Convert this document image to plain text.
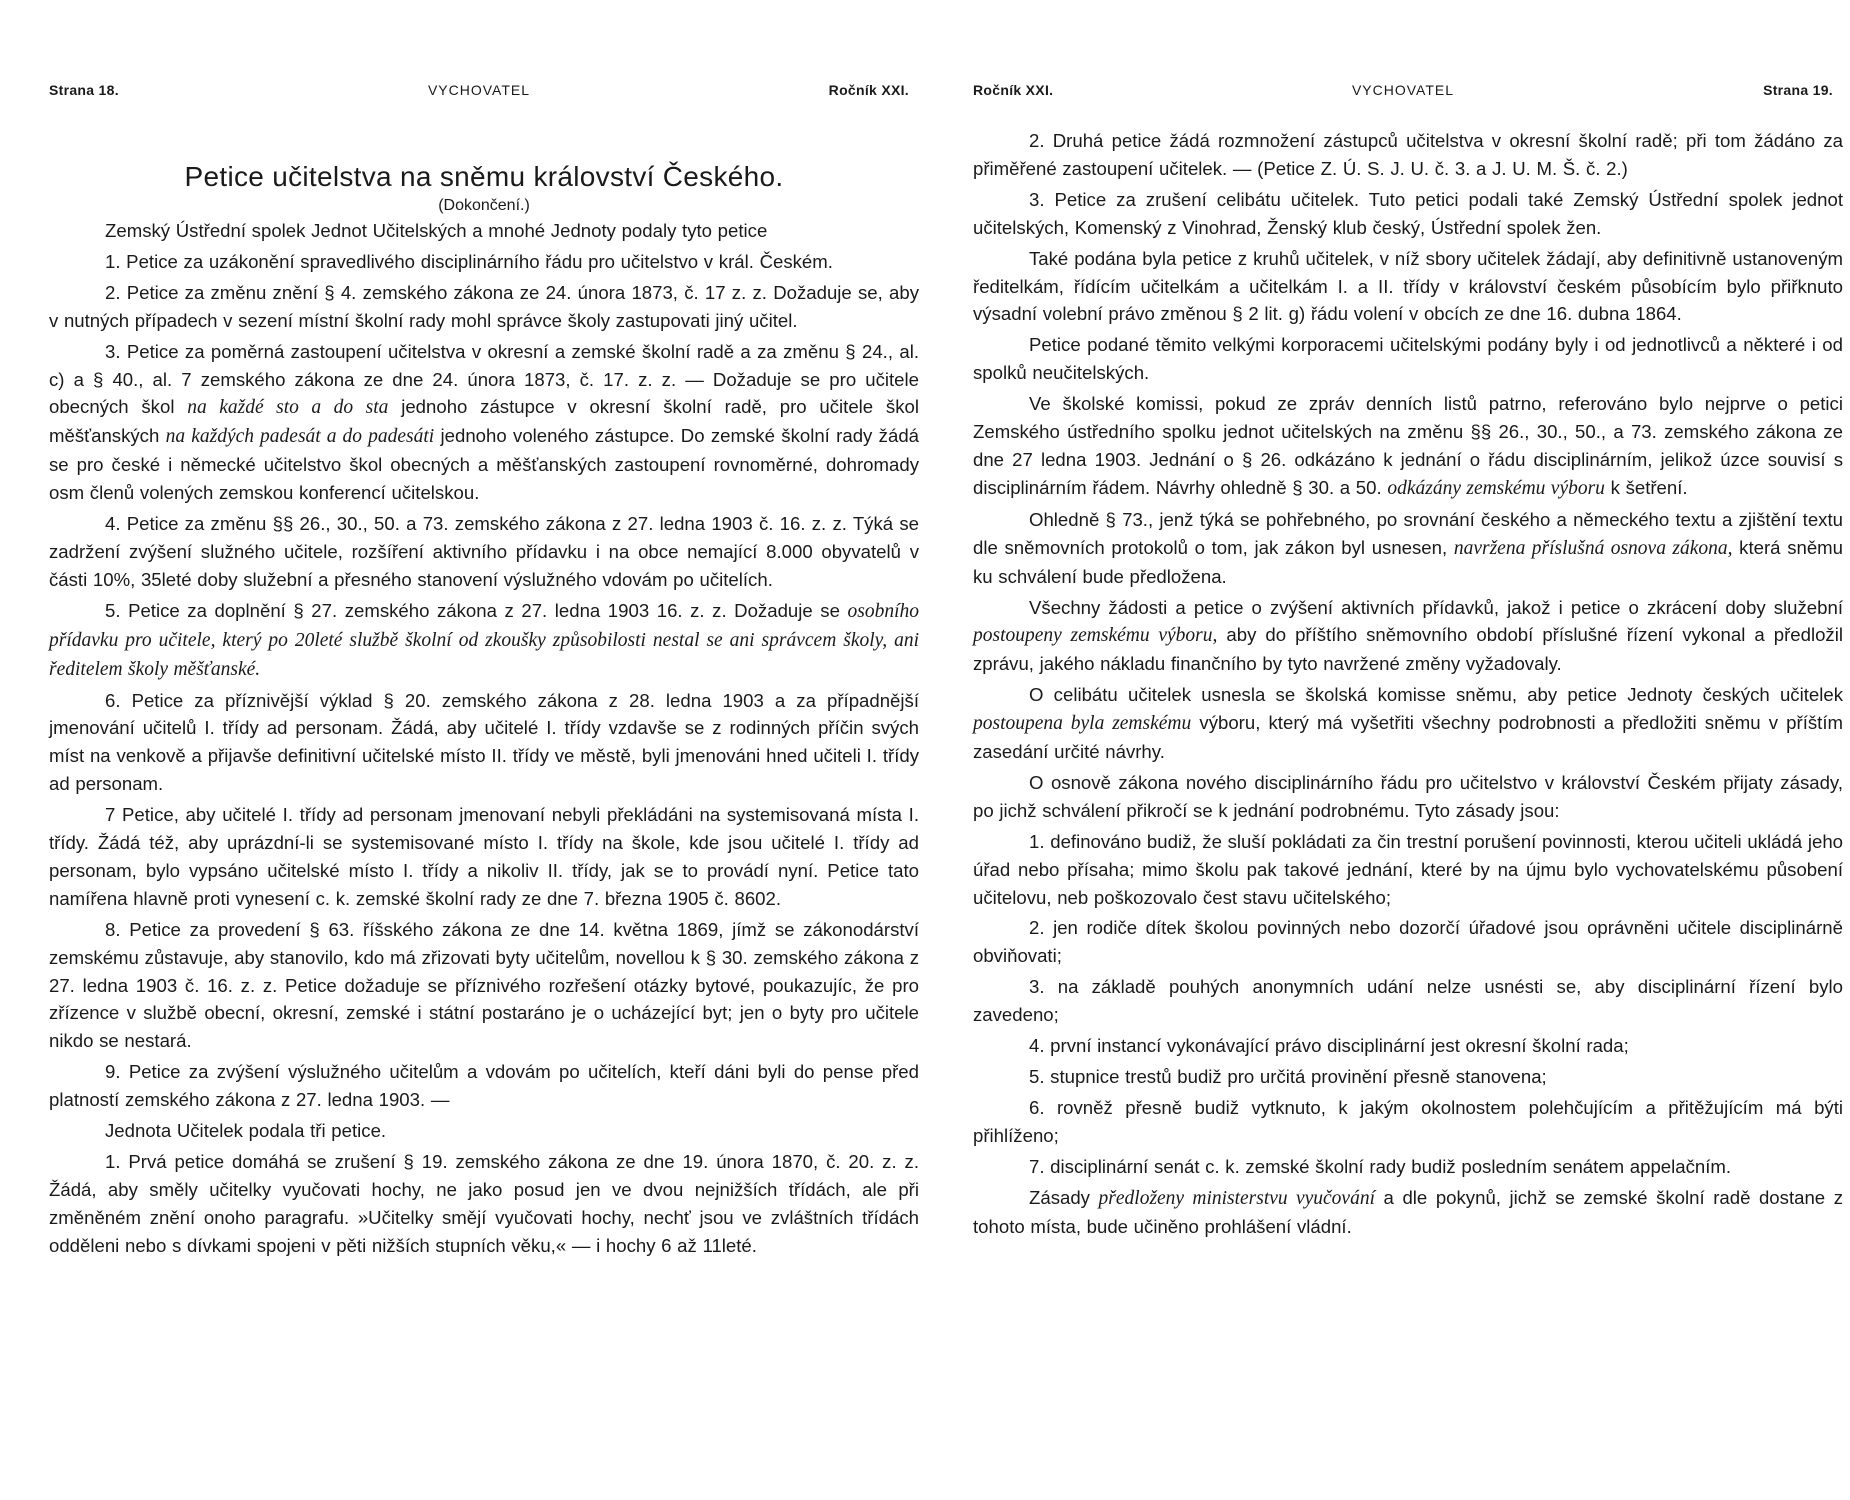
Strana 18.	VYCHOVATEL	Ročník XXI.
Petice učitelstva na sněmu království Českého.
(Dokončení.)

Zemský Ústřední spolek Jednot Učitelských a mnohé Jednoty podaly tyto petice

1. Petice za uzákonění spravedlivého disciplinárního řádu pro učitelstvo v král. Českém.

2. Petice za změnu znění § 4. zemského zákona ze 24. února 1873, č. 17 z. z. Dožaduje se, aby v nutných případech v sezení místní školní rady mohl správce školy zastupovati jiný učitel.

3. Petice za poměrná zastoupení učitelstva v okresní a zemské školní radě a za změnu § 24., al. c) a § 40., al. 7 zemského zákona ze dne 24. února 1873, č. 17. z. z. — Dožaduje se pro učitele obecných škol na každé sto a do sta jednoho zástupce v okresní školní radě, pro učitele škol měšťanských na každých padesát a do padesáti jednoho voleného zástupce. Do zemské školní rady žádá se pro české i německé učitelstvo škol obecných a měšťanských zastoupení rovnoměrné, dohromady osm členů volených zemskou konferencí učitelskou.

4. Petice za změnu §§ 26., 30., 50. a 73. zemského zákona z 27. ledna 1903 č. 16. z. z. Týká se zadržení zvýšení služného učitele, rozšíření aktivního přídavku i na obce nemající 8.000 obyvatelů v části 10%, 35leté doby služební a přesného stanovení výslužného vdovám po učitelích.

5. Petice za doplnění § 27. zemského zákona z 27. ledna 1903 16. z. z. Dožaduje se osobního přídavku pro učitele, který po 20leté službě školní od zkoušky způsobilosti nestal se ani správcem školy, ani ředitelem školy měšťanské.

6. Petice za příznivější výklad § 20. zemského zákona z 28. ledna 1903 a za případnější jmenování učitelů I. třídy ad personam. Žádá, aby učitelé I. třídy vzdavše se z rodinných příčin svých míst na venkově a přijavše definitivní učitelské místo II. třídy ve městě, byli jmenováni hned učiteli I. třídy ad personam.

7 Petice, aby učitelé I. třídy ad personam jmenovaní nebyli překládáni na systemisovaná místa I. třídy. Žádá též, aby uprázdní-li se systemisované místo I. třídy na škole, kde jsou učitelé I. třídy ad personam, bylo vypsáno učitelské místo I. třídy a nikoliv II. třídy, jak se to provádí nyní. Petice tato namířena hlavně proti vynesení c. k. zemské školní rady ze dne 7. března 1905 č. 8602.

8. Petice za provedení § 63. říšského zákona ze dne 14. května 1869, jímž se zákonodárství zemskému zůstavuje, aby stanovilo, kdo má zřizovati byty učitelům, novellou k § 30. zemského zákona z 27. ledna 1903 č. 16. z. z. Petice dožaduje se příznivého rozřešení otázky bytové, poukazujíc, že pro zřízence v službě obecní, okresní, zemské i státní postaráno je o ucházející byt; jen o byty pro učitele nikdo se nestará.

9. Petice za zvýšení výslužného učitelům a vdovám po učitelích, kteří dáni byli do pense před platností zemského zákona z 27. ledna 1903. —

Jednota Učitelek podala tři petice.

1. Prvá petice domáhá se zrušení § 19. zemského zákona ze dne 19. února 1870, č. 20. z. z. Žádá, aby směly učitelky vyučovati hochy, ne jako posud jen ve dvou nejnižších třídách, ale při změněném znění onoho paragrafu. »Učitelky smějí vyučovati hochy, nechť jsou ve zvláštních třídách odděleni nebo s dívkami spojeni v pěti nižších stupních věku,« — i hochy 6 až 11leté.

Ročník XXI.	VYCHOVATEL	Strana 19.

2. Druhá petice žádá rozmnožení zástupců učitelstva v okresní školní radě; při tom žádáno za přiměřené zastoupení učitelek. — (Petice Z. Ú. S. J. U. č. 3. a J. U. M. Š. č. 2.)

3. Petice za zrušení celibátu učitelek. Tuto petici podali také Zemský Ústřední spolek jednot učitelských, Komenský z Vinohrad, Ženský klub český, Ústřední spolek žen.

Také podána byla petice z kruhů učitelek, v níž sbory učitelek žádají, aby definitivně ustanoveným ředitelkám, řídícím učitelkám a učitelkám I. a II. třídy v království českém působícím bylo přiřknuto výsadní volební právo změnou § 2 lit. g) řádu volení v obcích ze dne 16. dubna 1864.

Petice podané těmito velkými korporacemi učitelskými podány byly i od jednotlivců a některé i od spolků neučitelských.

Ve školské komissi, pokud ze zpráv denních listů patrno, referováno bylo nejprve o petici Zemského ústředního spolku jednot učitelských na změnu §§ 26., 30., 50., a 73. zemského zákona ze dne 27 ledna 1903. Jednání o § 26. odkázáno k jednání o řádu disciplinárním, jelikož úzce souvisí s disciplinárním řádem. Návrhy ohledně § 30. a 50. odkázány zemskému výboru k šetření.

Ohledně § 73., jenž týká se pohřebného, po srovnání českého a německého textu a zjištění textu dle sněmovních protokolů o tom, jak zákon byl usnesen, navržena příslušná osnova zákona, která sněmu ku schválení bude předložena.

Všechny žádosti a petice o zvýšení aktivních přídavků, jakož i petice o zkrácení doby služební postoupeny zemskému výboru, aby do příštího sněmovního období příslušné řízení vykonal a předložil zprávu, jakého nákladu finančního by tyto navržené změny vyžadovaly.

O celibátu učitelek usnesla se školská komisse sněmu, aby petice Jednoty českých učitelek postoupena byla zemskému výboru, který má vyšetřiti všechny podrobnosti a předložiti sněmu v příštím zasedání určité návrhy.

O osnově zákona nového disciplinárního řádu pro učitelstvo v království Českém přijaty zásady, po jichž schválení přikročí se k jednání podrobnému. Tyto zásady jsou:

1. definováno budiž, že sluší pokládati za čin trestní porušení povinnosti, kterou učiteli ukládá jeho úřad nebo přísaha; mimo školu pak takové jednání, které by na újmu bylo vychovatelskému působení učitelovu, neb poškozovalo čest stavu učitelského;

2. jen rodiče dítek školou povinných nebo dozorčí úřadové jsou oprávněni učitele disciplinárně obviňovati;

3. na základě pouhých anonymních udání nelze usnésti se, aby disciplinární řízení bylo zavedeno;

4. první instancí vykonávající právo disciplinární jest okresní školní rada;

5. stupnice trestů budiž pro určitá provinění přesně stanovena;

6. rovněž přesně budiž vytknuto, k jakým okolnostem polehčujícím a přitěžujícím má býti přihlíženo;

7. disciplinární senát c. k. zemské školní rady budiž posledním senátem appelačním.

Zásady předloženy ministerstvu vyučování a dle pokynů, jichž se zemské školní radě dostane z tohoto místa, bude učiněno prohlášení vládní.
